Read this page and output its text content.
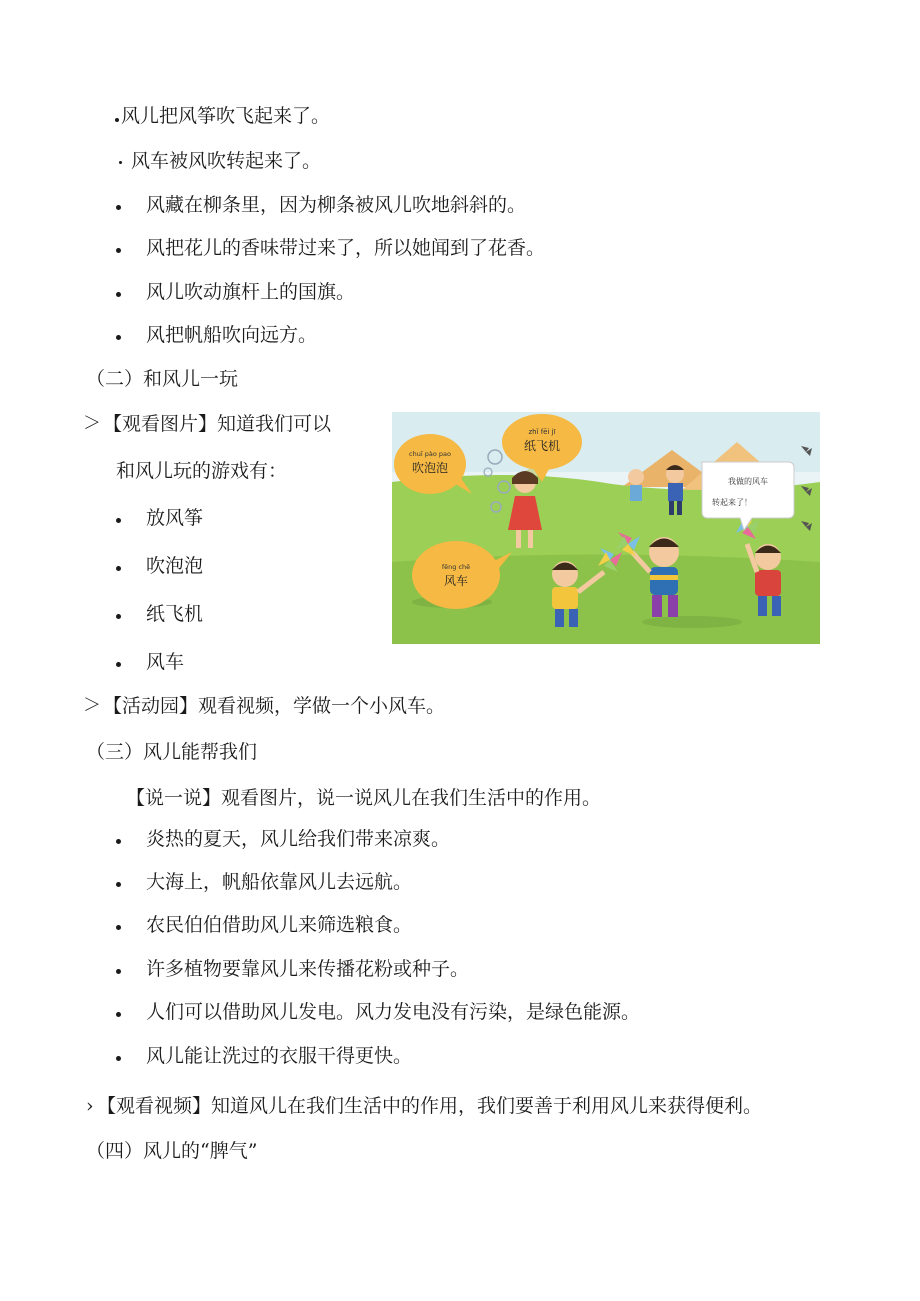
风儿把风筝吹飞起来了。
风车被风吹转起来了。
风藏在柳条里，因为柳条被风儿吹地斜斜的。
风把花儿的香味带过来了，所以她闻到了花香。
风儿吹动旗杆上的国旗。
风把帆船吹向远方。
（二）和风儿一玩
＞ 【观看图片】知道我们可以
和风儿玩的游戏有：
放风筝
吹泡泡
纸飞机
风车
＞ 【活动园】观看视频，学做一个小风车。
zhǐ fēi jī
纸飞机
chuī pào pao
吹泡泡
fēng chē
风车
我做的风车
转起来了！
（三）风儿能帮我们
【说一说】观看图片，说一说风儿在我们生活中的作用。
炎热的夏天，风儿给我们带来凉爽。
大海上，帆船依靠风儿去远航。
农民伯伯借助风儿来筛选粮食。
许多植物要靠风儿来传播花粉或种子。
人们可以借助风儿发电。风力发电没有污染，是绿色能源。
风儿能让洗过的衣服干得更快。
› 【观看视频】知道风儿在我们生活中的作用，我们要善于利用风儿来获得便利。
（四）风儿的“脾气”
